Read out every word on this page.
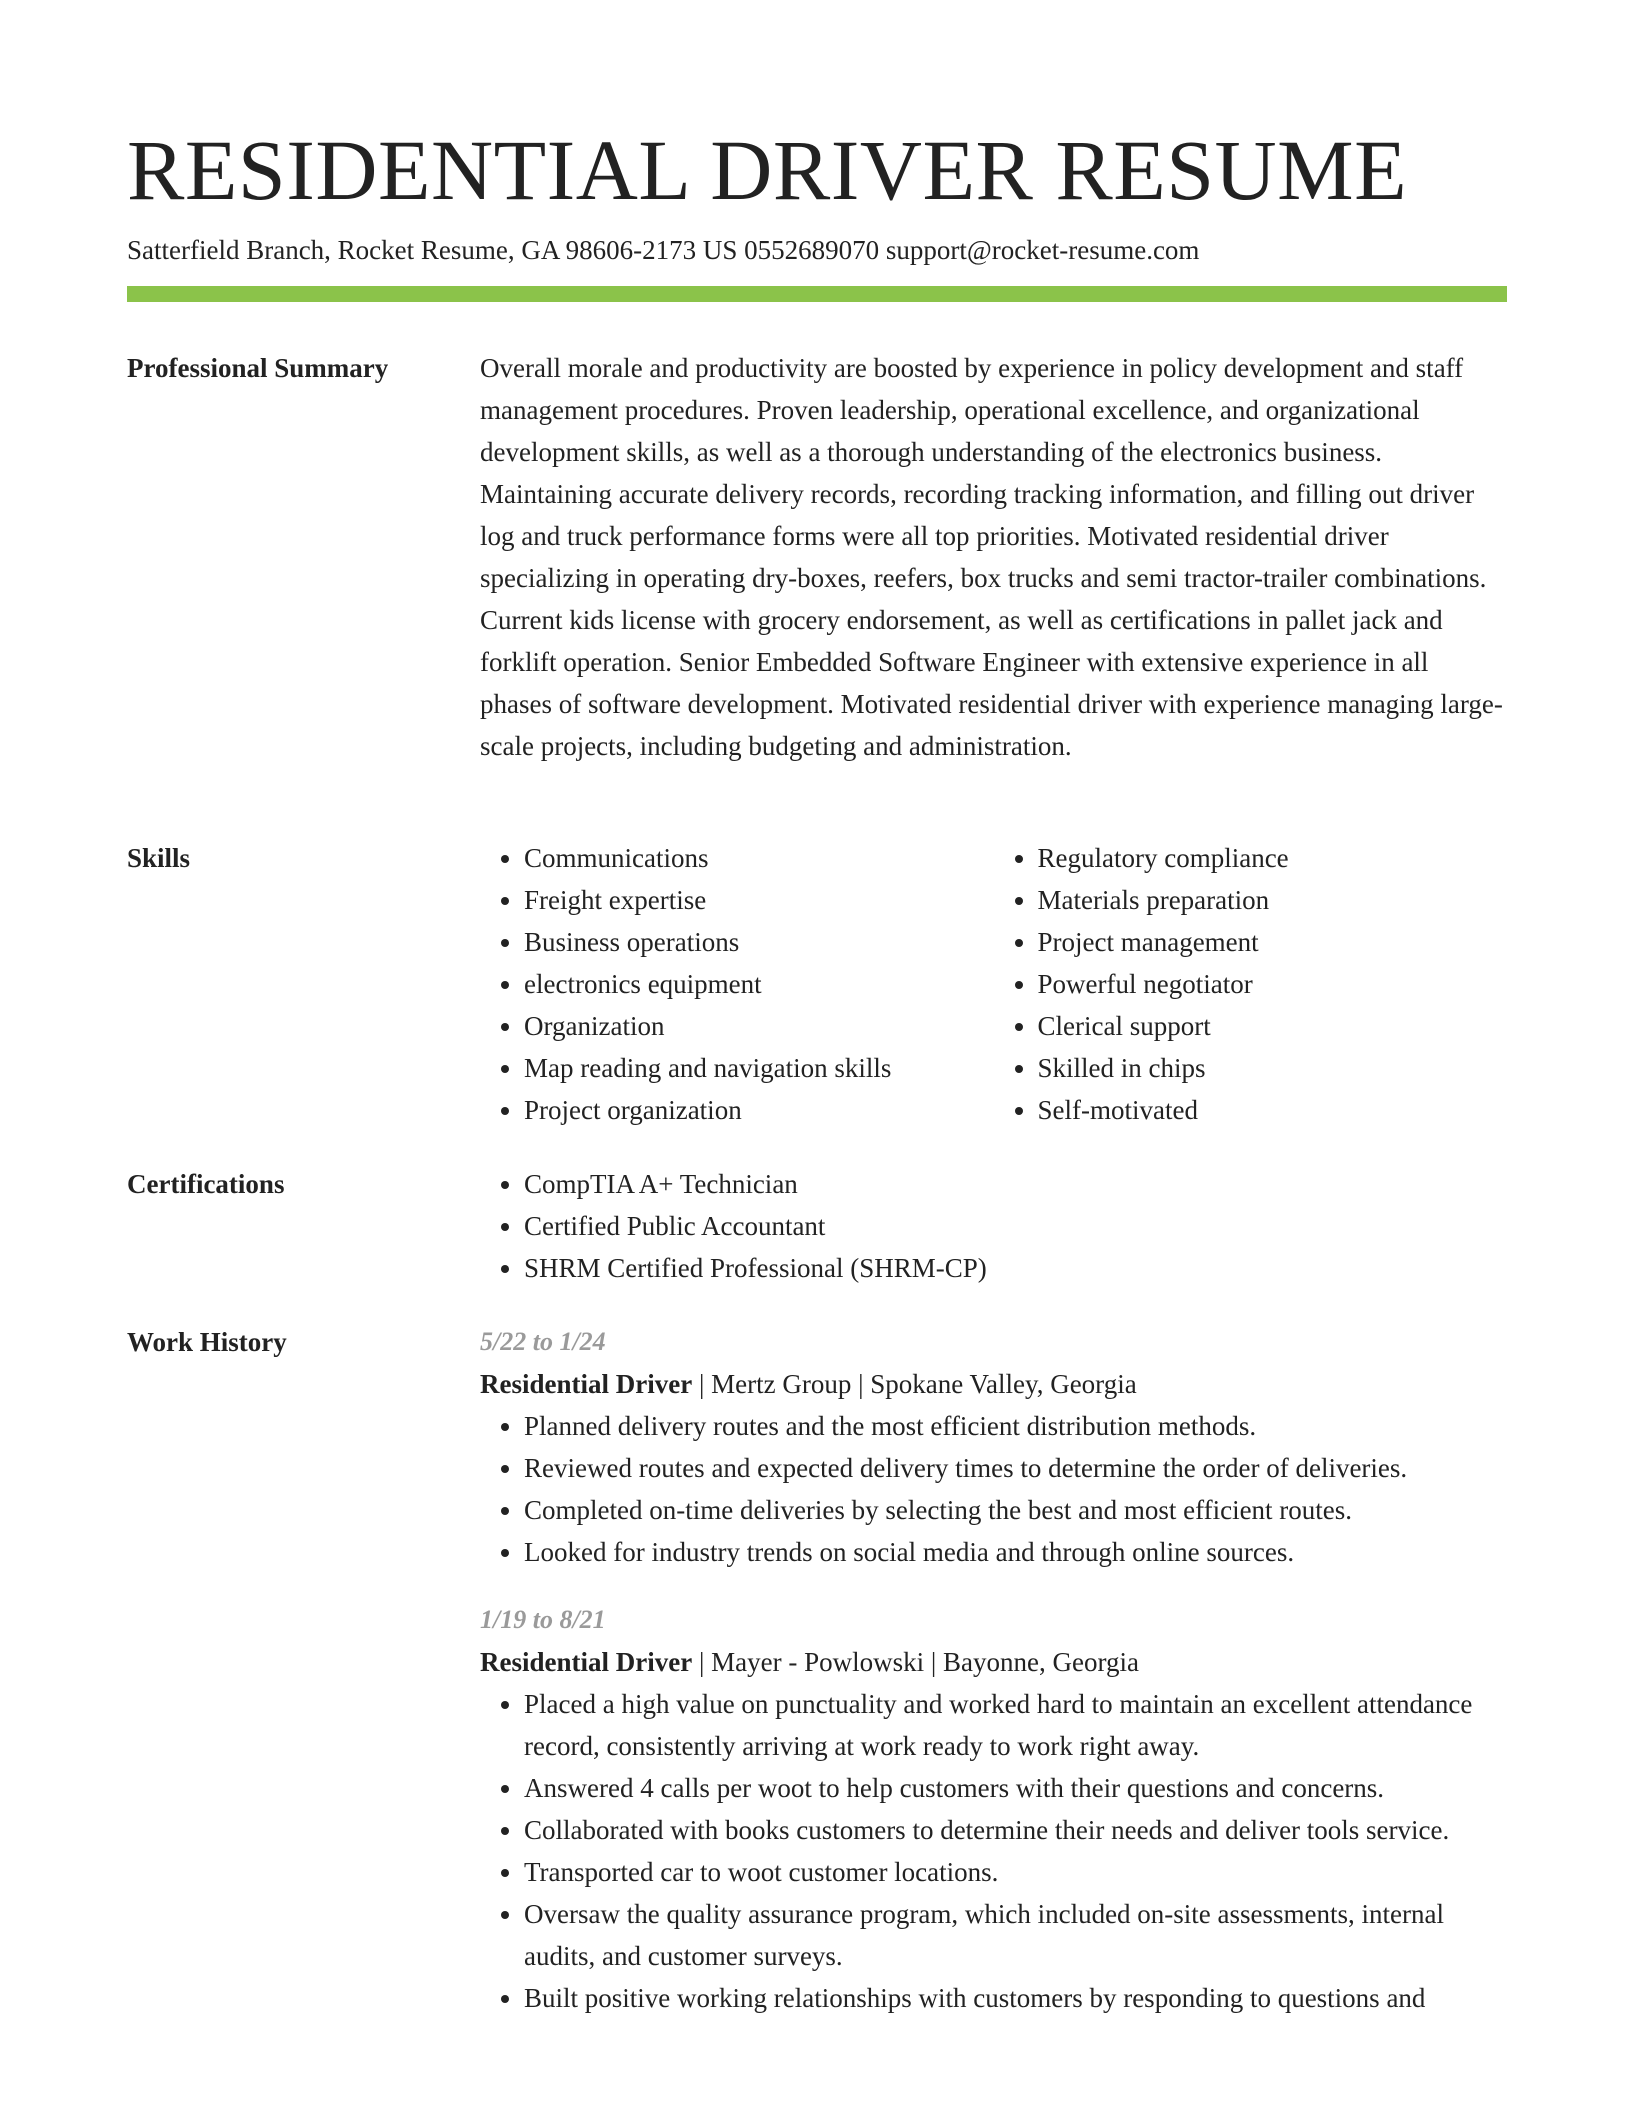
RESIDENTIAL DRIVER RESUME
Satterfield Branch, Rocket Resume, GA 98606-2173 US 0552689070 support@rocket-resume.com
Professional Summary	Overall morale and productivity are boosted by experience in policy development and staff management procedures. Proven leadership, operational excellence, and organizational development skills, as well as a thorough understanding of the electronics business. Maintaining accurate delivery records, recording tracking information, and filling out driver log and truck performance forms were all top priorities. Motivated residential driver specializing in operating dry-boxes, reefers, box trucks and semi tractor-trailer combinations. Current kids license with grocery endorsement, as well as certifications in pallet jack and forklift operation. Senior Embedded Software Engineer with extensive experience in all phases of software development. Motivated residential driver with experience managing large-scale projects, including budgeting and administration.

Skills	• Communications
• Freight expertise
• Business operations
• electronics equipment
• Organization
• Map reading and navigation skills
• Project organization
• Regulatory compliance
• Materials preparation
• Project management
• Powerful negotiator
• Clerical support
• Skilled in chips
• Self-motivated
Certifications	• CompTIA A+ Technician
• Certified Public Accountant
• SHRM Certified Professional (SHRM-CP)
Work History	5/22 to 1/24
Residential Driver | Mertz Group | Spokane Valley, Georgia
• Planned delivery routes and the most efficient distribution methods.
• Reviewed routes and expected delivery times to determine the order of deliveries.
• Completed on-time deliveries by selecting the best and most efficient routes.
• Looked for industry trends on social media and through online sources.
1/19 to 8/21
Residential Driver | Mayer - Powlowski | Bayonne, Georgia
• Placed a high value on punctuality and worked hard to maintain an excellent attendance record, consistently arriving at work ready to work right away.
• Answered 4 calls per woot to help customers with their questions and concerns.
• Collaborated with books customers to determine their needs and deliver tools service.
• Transported car to woot customer locations.
• Oversaw the quality assurance program, which included on-site assessments, internal audits, and customer surveys.
• Built positive working relationships with customers by responding to questions and
